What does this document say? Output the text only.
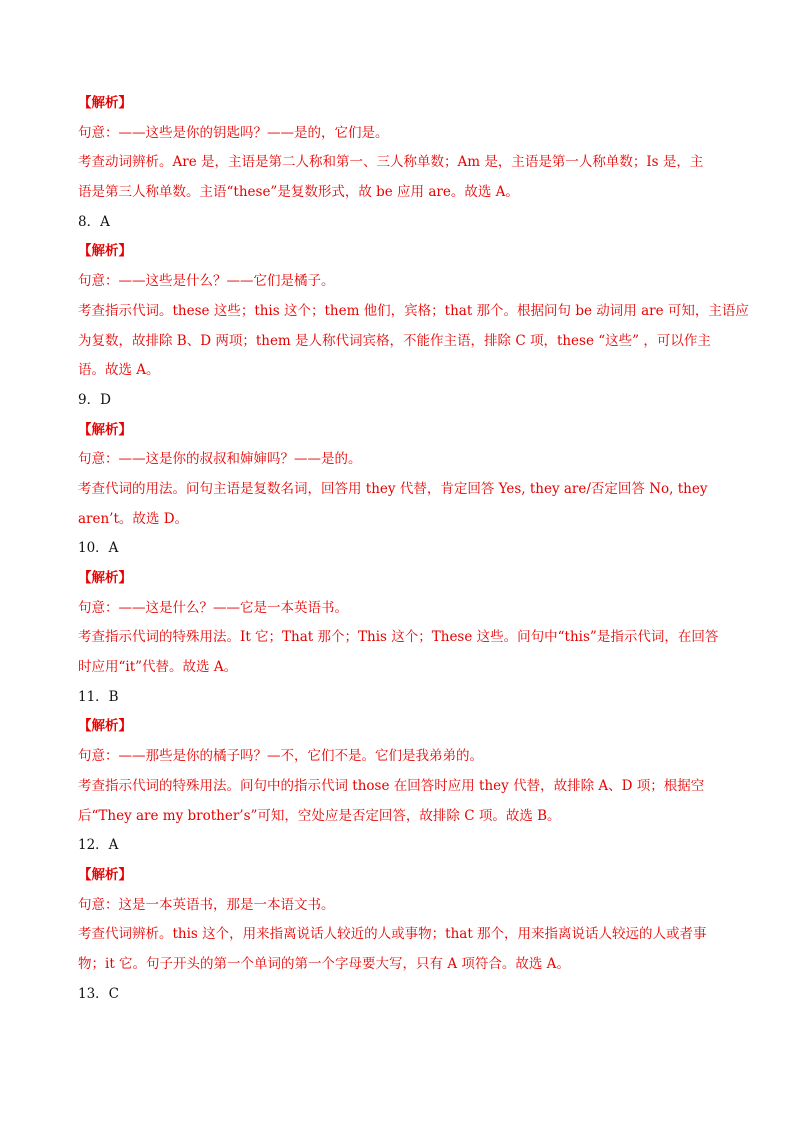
【解析】
句意：——这些是你的钥匙吗？——是的，它们是。
考查动词辨析。Are 是，主语是第二人称和第一、三人称单数；Am 是，主语是第一人称单数；Is 是，主
语是第三人称单数。主语“these”是复数形式，故 be 应用 are。故选 A。
8．A
【解析】
句意：——这些是什么？——它们是橘子。
考查指示代词。these 这些；this 这个；them 他们，宾格；that 那个。根据问句 be 动词用 are 可知，主语应
为复数，故排除 B、D 两项；them 是人称代词宾格，不能作主语，排除 C 项，these “这些” ，可以作主
语。故选 A。
9．D
【解析】
句意：——这是你的叔叔和婶婶吗？——是的。
考查代词的用法。问句主语是复数名词，回答用 they 代替，肯定回答 Yes, they are/否定回答 No, they
aren’t。故选 D。
10．A
【解析】
句意：——这是什么？——它是一本英语书。
考查指示代词的特殊用法。It 它；That 那个；This 这个；These 这些。问句中“this”是指示代词，在回答
时应用“it”代替。故选 A。
11．B
【解析】
句意：——那些是你的橘子吗？—不，它们不是。它们是我弟弟的。
考查指示代词的特殊用法。问句中的指示代词 those 在回答时应用 they 代替，故排除 A、D 项；根据空
后“They are my brother’s”可知，空处应是否定回答，故排除 C 项。故选 B。
12．A
【解析】
句意：这是一本英语书，那是一本语文书。
考查代词辨析。this 这个，用来指离说话人较近的人或事物；that 那个，用来指离说话人较远的人或者事
物；it 它。句子开头的第一个单词的第一个字母要大写，只有 A 项符合。故选 A。
13．C
